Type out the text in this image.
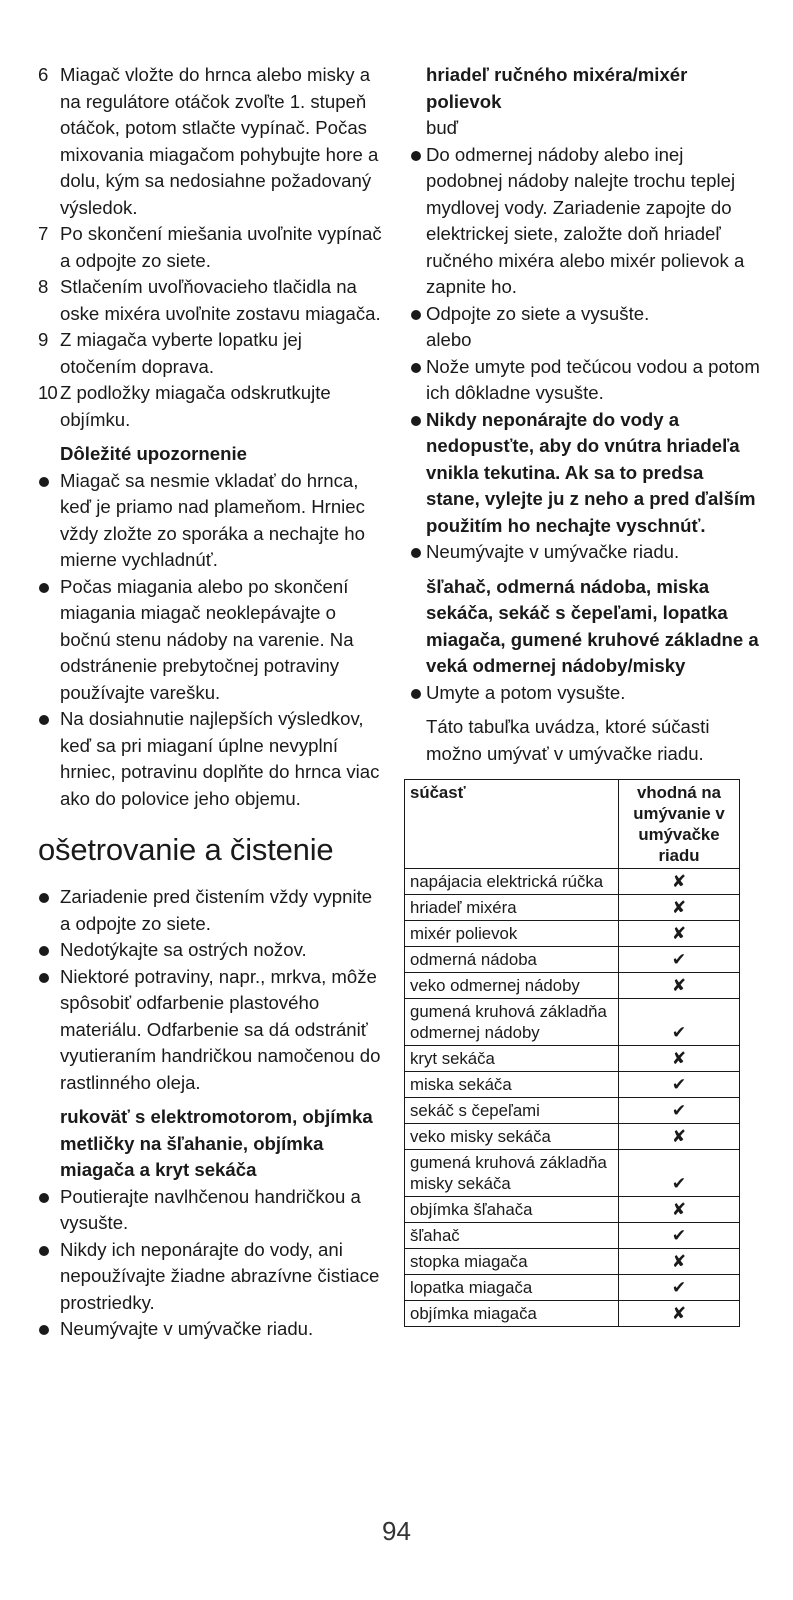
6 Miagač vložte do hrnca alebo misky a na regulátore otáčok zvoľte 1. stupeň otáčok, potom stlačte vypínač. Počas mixovania miagačom pohybujte hore a dolu, kým sa nedosiahne požadovaný výsledok.
7 Po skončení miešania uvoľnite vypínač a odpojte zo siete.
8 Stlačením uvoľňovacieho tlačidla na oske mixéra uvoľnite zostavu miagača.
9 Z miagača vyberte lopatku jej otočením doprava.
10 Z podložky miagača odskrutkujte objímku.
Dôležité upozornenie
Miagač sa nesmie vkladať do hrnca, keď je priamo nad plameňom. Hrniec vždy zložte zo sporáka a nechajte ho mierne vychladnúť.
Počas miagania alebo po skončení miagania miagač neoklepávajte o bočnú stenu nádoby na varenie. Na odstránenie prebytočnej potraviny používajte varešku.
Na dosiahnutie najlepších výsledkov, keď sa pri miaganí úplne nevyplní hrniec, potravinu doplňte do hrnca viac ako do polovice jeho objemu.
ošetrovanie a čistenie
Zariadenie pred čistením vždy vypnite a odpojte zo siete.
Nedotýkajte sa ostrých nožov.
Niektoré potraviny, napr., mrkva, môže spôsobiť odfarbenie plastového materiálu. Odfarbenie sa dá odstrániť vyutieraním handričkou namočenou do rastlinného oleja.
rukoväť s elektromotorom, objímka metličky na šľahanie, objímka miagača a kryt sekáča
Poutierajte navlhčenou handričkou a vysušte.
Nikdy ich neponárajte do vody, ani nepoužívajte žiadne abrazívne čistiace prostriedky.
Neumývajte v umývačke riadu.
hriadeľ ručného mixéra/mixér polievok
buď
Do odmernej nádoby alebo inej podobnej nádoby nalejte trochu teplej mydlovej vody. Zariadenie zapojte do elektrickej siete, založte doň hriadeľ ručného mixéra alebo mixér polievok a zapnite ho.
Odpojte zo siete a vysušte.
alebo
Nože umyte pod tečúcou vodou a potom ich dôkladne vysušte.
Nikdy neponárajte do vody a nedopusťte, aby do vnútra hriadeľa vnikla tekutina. Ak sa to predsa stane, vylejte ju z neho a pred ďalším použitím ho nechajte vyschnúť.
Neumývajte v umývačke riadu.
šľahač, odmerná nádoba, miska sekáča, sekáč s čepeľami, lopatka miagača, gumené kruhové základne a veká odmernej nádoby/misky
Umyte a potom vysušte.
Táto tabuľka uvádza, ktoré súčasti možno umývať v umývačke riadu.
súčasť	vhodná na umývanie v umývačke riadu
napájacia elektrická rúčka	✘
hriadeľ mixéra	✘
mixér polievok	✘
odmerná nádoba	✔
veko odmernej nádoby	✘
gumená kruhová základňa odmernej nádoby	✔
kryt sekáča	✘
miska sekáča	✔
sekáč s čepeľami	✔
veko misky sekáča	✘
gumená kruhová základňa misky sekáča	✔
objímka šľahača	✘
šľahač	✔
stopka miagača	✘
lopatka miagača	✔
objímka miagača	✘
94
